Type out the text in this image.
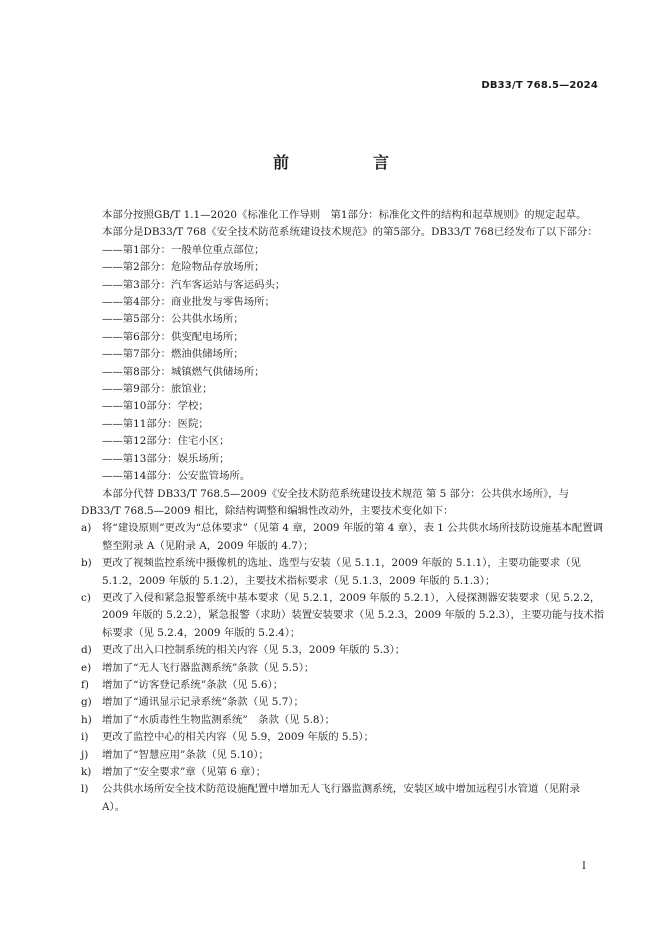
DB33/T 768.5—2024
前　言

本部分按照GB/T 1.1—2020《标准化工作导则　第1部分：标准化文件的结构和起草规则》的规定起草。

本部分是DB33/T 768《安全技术防范系统建设技术规范》的第5部分。DB33/T 768已经发布了以下部分：

——第1部分：一般单位重点部位；
——第2部分：危险物品存放场所；
——第3部分：汽车客运站与客运码头；
——第4部分：商业批发与零售场所；
——第5部分：公共供水场所；
——第6部分：供变配电场所；
——第7部分：燃油供储场所；
——第8部分：城镇燃气供储场所；
——第9部分：旅馆业；
——第10部分：学校；
——第11部分：医院；
——第12部分：住宅小区；
——第13部分：娱乐场所；
——第14部分：公安监管场所。

本部分代替 DB33/T 768.5—2009《安全技术防范系统建设技术规范 第 5 部分：公共供水场所》，与DB33/T 768.5—2009 相比，除结构调整和编辑性改动外，主要技术变化如下：

a) 将“建设原则”更改为“总体要求”（见第 4 章，2009 年版的第 4 章），表 1 公共供水场所技防设施基本配置调整至附录 A（见附录 A，2009 年版的 4.7）；
b) 更改了视频监控系统中摄像机的选址、选型与安装（见 5.1.1，2009 年版的 5.1.1），主要功能要求（见 5.1.2，2009 年版的 5.1.2），主要技术指标要求（见 5.1.3，2009 年版的 5.1.3）；
c) 更改了入侵和紧急报警系统中基本要求（见 5.2.1，2009 年版的 5.2.1），入侵探测器安装要求（见 5.2.2，2009 年版的 5.2.2），紧急报警（求助）装置安装要求（见 5.2.3，2009 年版的 5.2.3），主要功能与技术指标要求（见 5.2.4，2009 年版的 5.2.4）；
d) 更改了出入口控制系统的相关内容（见 5.3，2009 年版的 5.3）；
e) 增加了“无人飞行器监测系统”条款（见 5.5）；
f) 增加了“访客登记系统”条款（见 5.6）；
g) 增加了“通讯显示记录系统”条款（见 5.7）；
h) 增加了“水质毒性生物监测系统”　条款（见 5.8）；
i) 更改了监控中心的相关内容（见 5.9，2009 年版的 5.5）；
j) 增加了“智慧应用”条款（见 5.10）；
k) 增加了“安全要求”章（见第 6 章）；
l) 公共供水场所安全技术防范设施配置中增加无人飞行器监测系统，安装区域中增加远程引水管道（见附录 A）。
I
